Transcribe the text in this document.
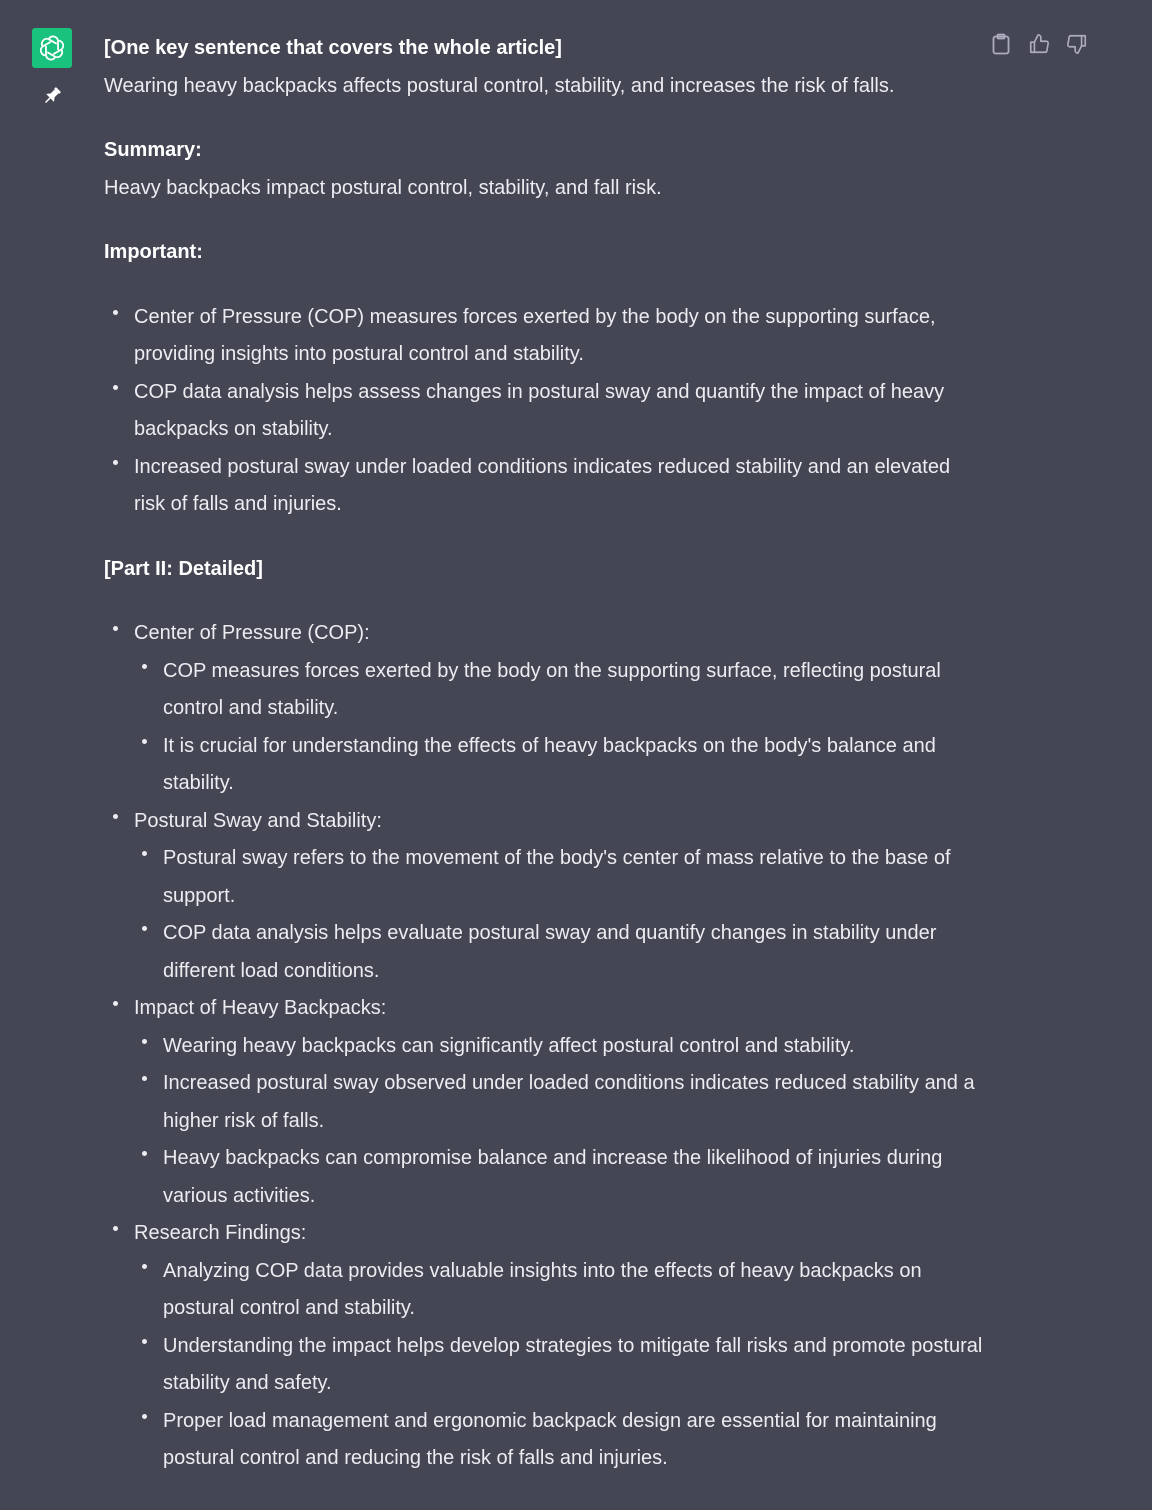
[One key sentence that covers the whole article]

Wearing heavy backpacks affects postural control, stability, and increases the risk of falls.

Summary:

Heavy backpacks impact postural control, stability, and fall risk.

Important:

Center of Pressure (COP) measures forces exerted by the body on the supporting surface, providing insights into postural control and stability.
COP data analysis helps assess changes in postural sway and quantify the impact of heavy backpacks on stability.
Increased postural sway under loaded conditions indicates reduced stability and an elevated risk of falls and injuries.

[Part II: Detailed]

Center of Pressure (COP):
COP measures forces exerted by the body on the supporting surface, reflecting postural control and stability.
It is crucial for understanding the effects of heavy backpacks on the body's balance and stability.
Postural Sway and Stability:
Postural sway refers to the movement of the body's center of mass relative to the base of support.
COP data analysis helps evaluate postural sway and quantify changes in stability under different load conditions.
Impact of Heavy Backpacks:
Wearing heavy backpacks can significantly affect postural control and stability.
Increased postural sway observed under loaded conditions indicates reduced stability and a higher risk of falls.
Heavy backpacks can compromise balance and increase the likelihood of injuries during various activities.
Research Findings:
Analyzing COP data provides valuable insights into the effects of heavy backpacks on postural control and stability.
Understanding the impact helps develop strategies to mitigate fall risks and promote postural stability and safety.
Proper load management and ergonomic backpack design are essential for maintaining postural control and reducing the risk of falls and injuries.
